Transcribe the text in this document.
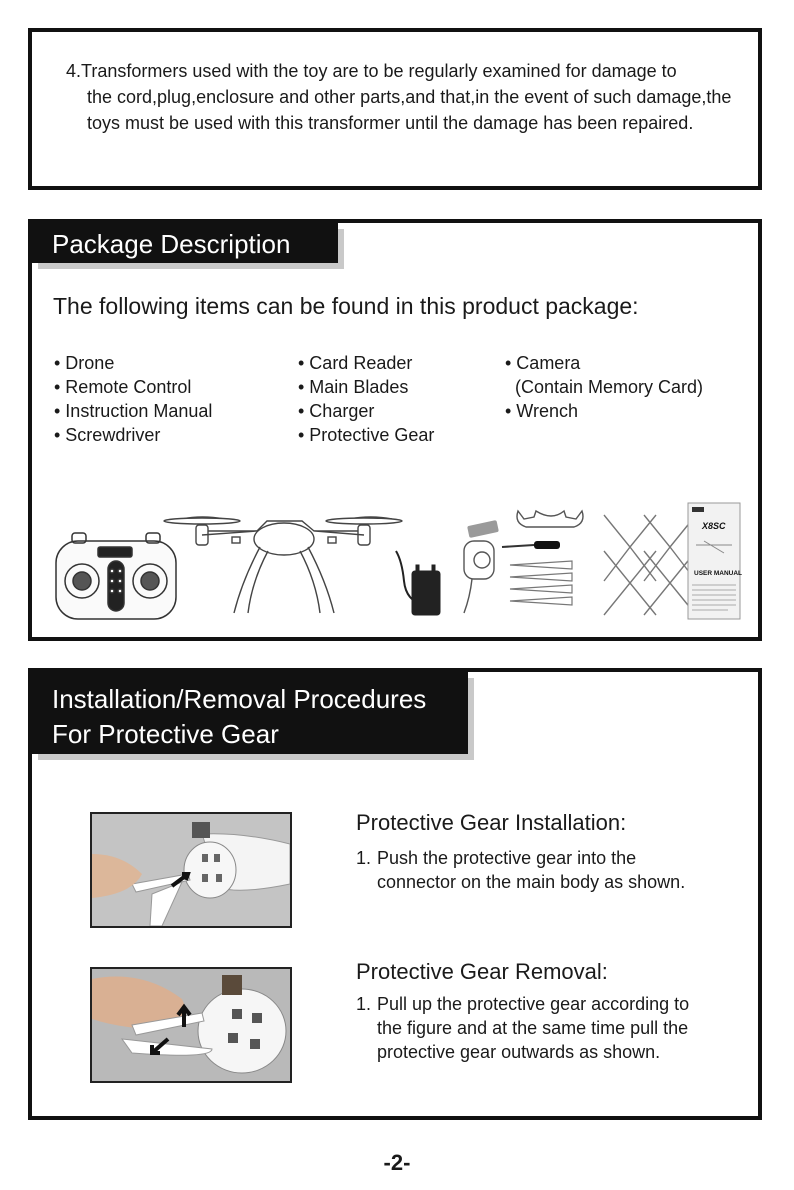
4.Transformers used with the toy are to be regularly examined for damage to
the cord,plug,enclosure and other parts,and that,in the event of such damage,the toys must be used with this transformer until the damage has been repaired.
Package Description
The following items can be found in this product package:
• Drone
• Remote Control
• Instruction Manual
• Screwdriver
• Card Reader
• Main Blades
• Charger
• Protective Gear
• Camera
(Contain Memory Card)
• Wrench
X8SC
USER MANUAL
Installation/Removal Procedures
For Protective Gear
Protective Gear Installation:
1. Push the protective gear into the connector on the main body as shown.
Protective Gear Removal:
1. Pull up the protective gear according to the figure and at the same time pull the protective gear outwards as shown.
-2-
